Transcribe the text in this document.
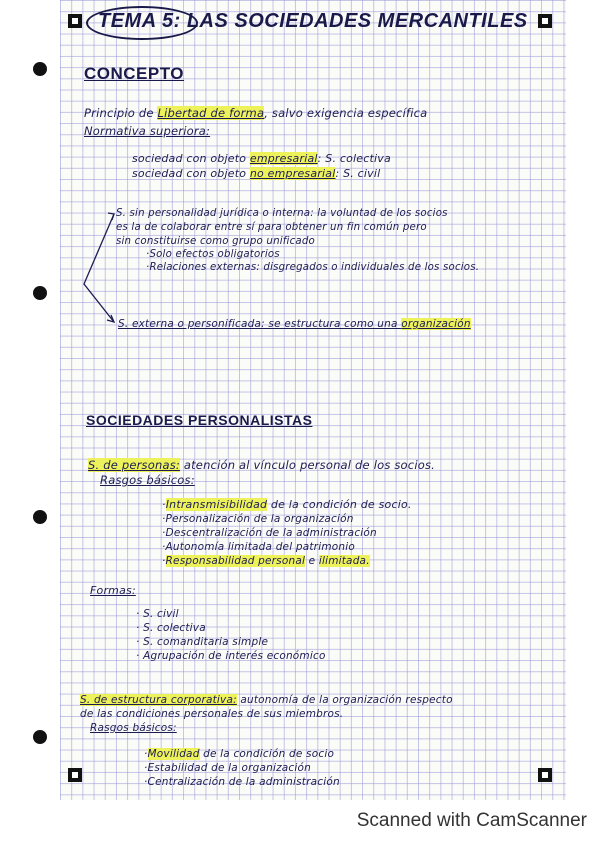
TEMA 5: LAS SOCIEDADES MERCANTILES
CONCEPTO
Principio de Libertad de forma, salvo exigencia específica
Normativa superiora:
sociedad con objeto empresarial: S. colectiva
sociedad con objeto no empresarial: S. civil
S. sin personalidad jurídica o interna: la voluntad de los socios
es la de colaborar entre sí para obtener un fin común pero
sin constituirse como grupo unificado
·Solo efectos obligatorios
·Relaciones externas: disgregados o individuales de los socios.
S. externa o personificada: se estructura como una organización
SOCIEDADES PERSONALISTAS
S. de personas: atención al vínculo personal de los socios.
Rasgos básicos:
·Intransmisibilidad de la condición de socio.
·Personalización de la organización
·Descentralización de la administración
·Autonomía limitada del patrimonio
·Responsabilidad personal e ilimitada.
Formas:
· S. civil
· S. colectiva
· S. comanditaria simple
· Agrupación de interés económico
S. de estructura corporativa: autonomía de la organización respecto
de las condiciones personales de sus miembros.
Rasgos básicos:
·Movilidad de la condición de socio
·Estabilidad de la organización
·Centralización de la administración
Scanned with CamScanner
